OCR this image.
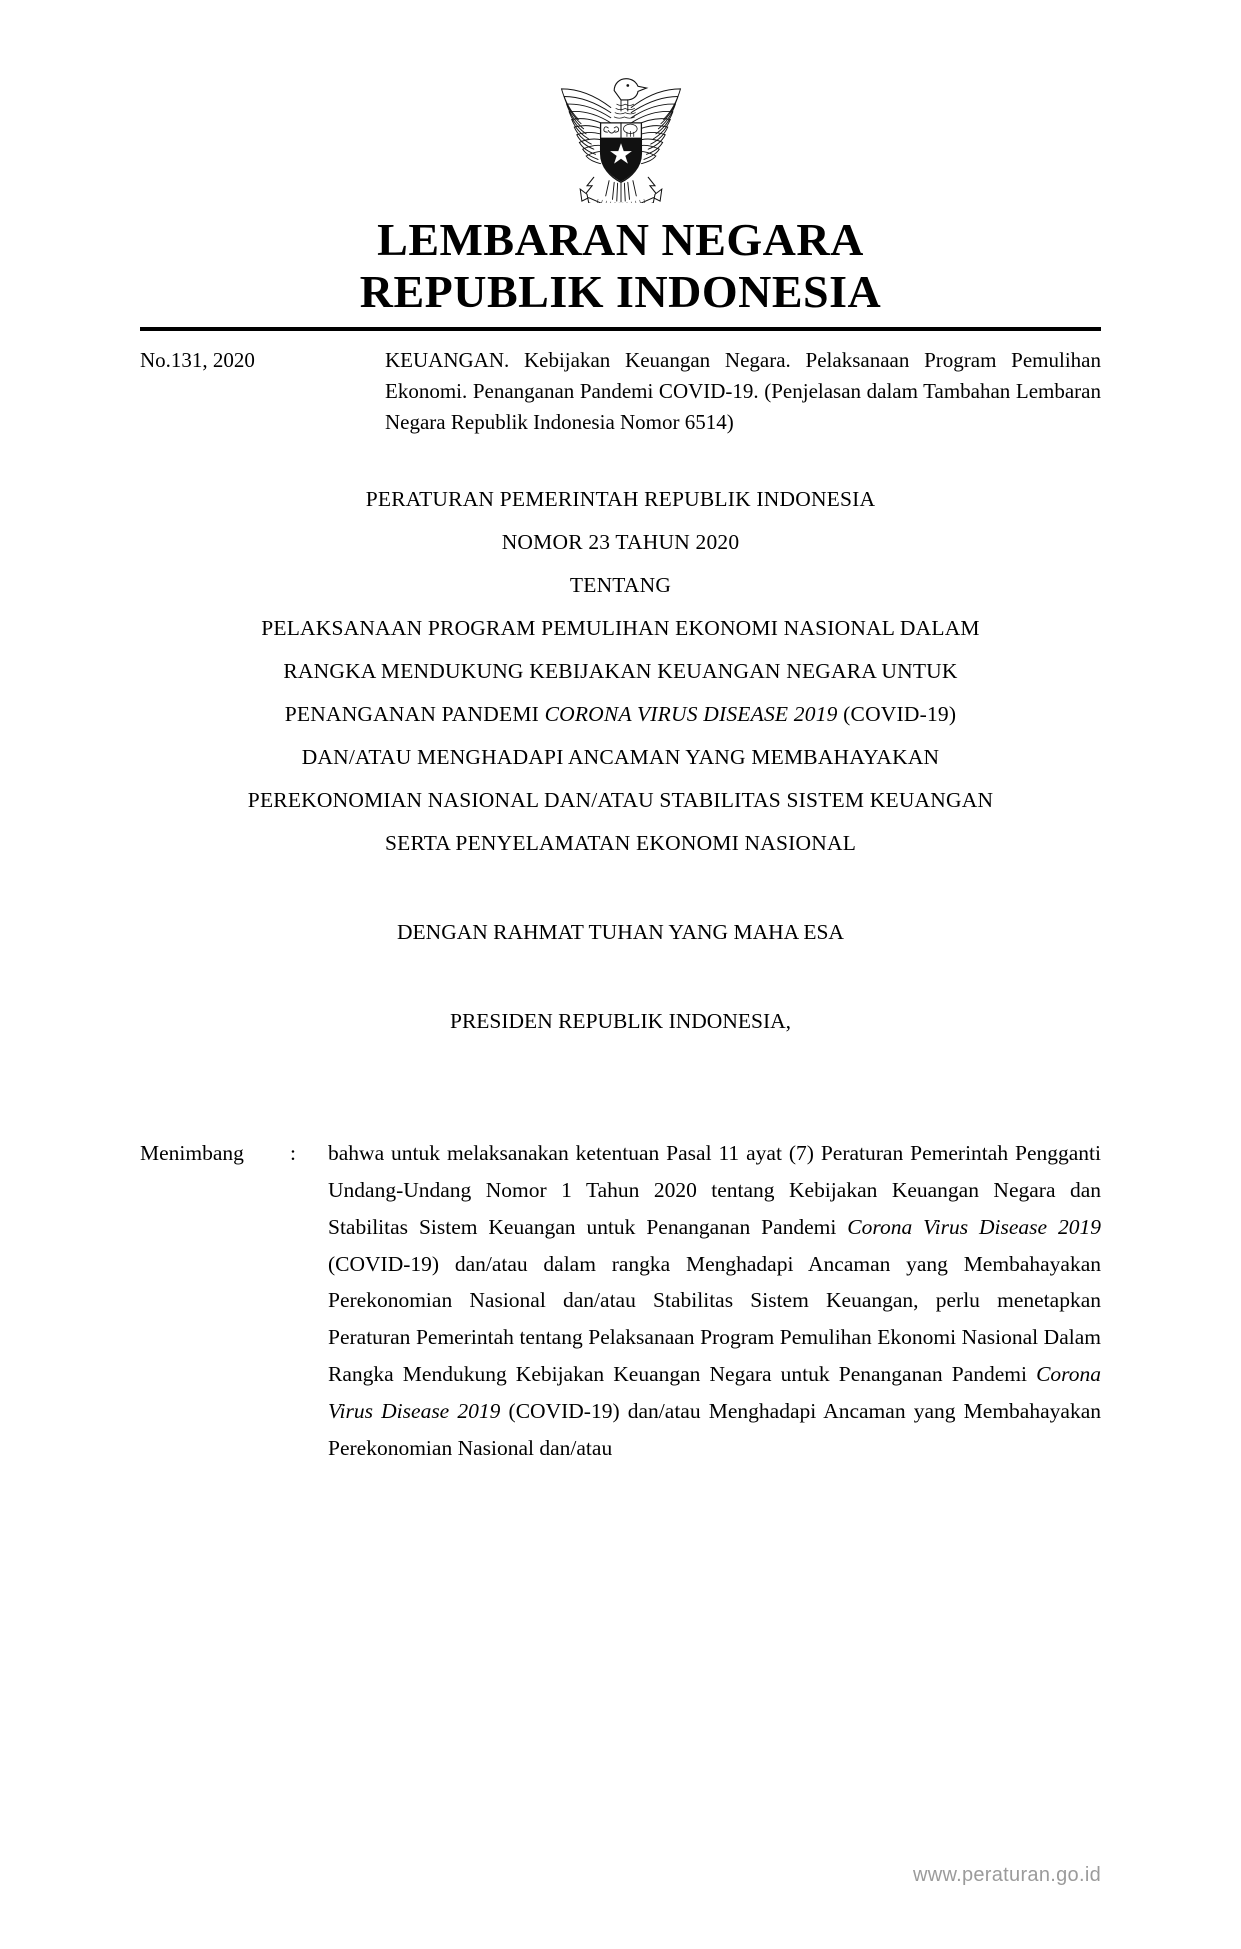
LEMBARAN NEGARA
REPUBLIK INDONESIA
No.131, 2020	KEUANGAN. Kebijakan Keuangan Negara. Pelaksanaan Program Pemulihan Ekonomi. Penanganan Pandemi COVID-19. (Penjelasan dalam Tambahan Lembaran Negara Republik Indonesia Nomor 6514)
PERATURAN PEMERINTAH REPUBLIK INDONESIA
NOMOR 23 TAHUN 2020
TENTANG
PELAKSANAAN PROGRAM PEMULIHAN EKONOMI NASIONAL DALAM
RANGKA MENDUKUNG KEBIJAKAN KEUANGAN NEGARA UNTUK
PENANGANAN PANDEMI CORONA VIRUS DISEASE 2019 (COVID-19)
DAN/ATAU MENGHADAPI ANCAMAN YANG MEMBAHAYAKAN
PEREKONOMIAN NASIONAL DAN/ATAU STABILITAS SISTEM KEUANGAN
SERTA PENYELAMATAN EKONOMI NASIONAL
DENGAN RAHMAT TUHAN YANG MAHA ESA
PRESIDEN REPUBLIK INDONESIA,
Menimbang	:	bahwa untuk melaksanakan ketentuan Pasal 11 ayat (7) Peraturan Pemerintah Pengganti Undang-Undang Nomor 1 Tahun 2020 tentang Kebijakan Keuangan Negara dan Stabilitas Sistem Keuangan untuk Penanganan Pandemi Corona Virus Disease 2019 (COVID-19) dan/atau dalam rangka Menghadapi Ancaman yang Membahayakan Perekonomian Nasional dan/atau Stabilitas Sistem Keuangan, perlu menetapkan Peraturan Pemerintah tentang Pelaksanaan Program Pemulihan Ekonomi Nasional Dalam Rangka Mendukung Kebijakan Keuangan Negara untuk Penanganan Pandemi Corona Virus Disease 2019 (COVID-19) dan/atau Menghadapi Ancaman yang Membahayakan Perekonomian Nasional dan/atau
www.peraturan.go.id
